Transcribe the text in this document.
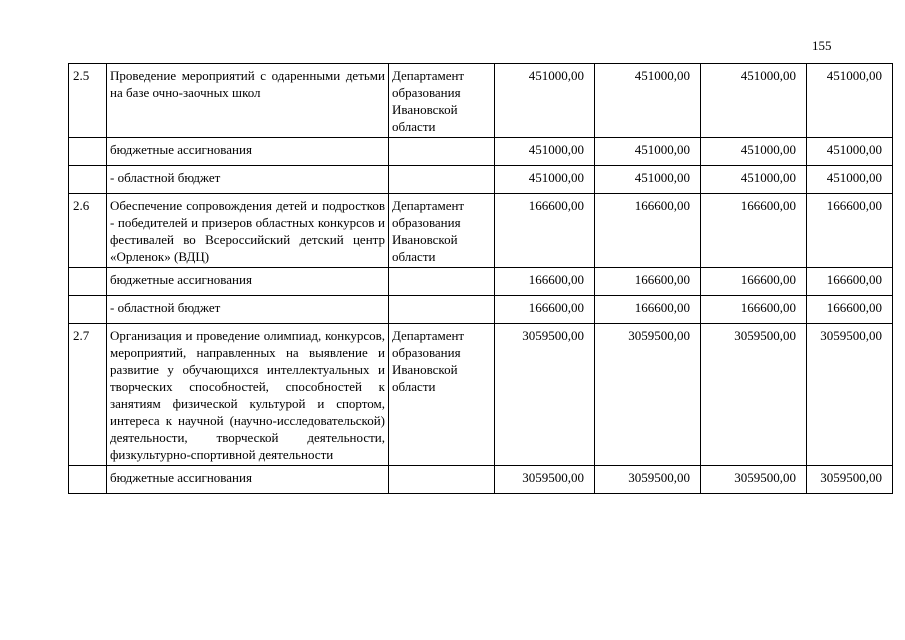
155
2.5	Проведение мероприятий с одаренными детьми на базе очно-заочных школ	Департамент образования Ивановской области	451000,00	451000,00	451000,00	451000,00
	бюджетные ассигнования		451000,00	451000,00	451000,00	451000,00
	- областной бюджет		451000,00	451000,00	451000,00	451000,00
2.6	Обеспечение сопровождения детей и подростков - победителей и призеров областных конкурсов и фестивалей во Всероссийский детский центр «Орленок» (ВДЦ)	Департамент образования Ивановской области	166600,00	166600,00	166600,00	166600,00
	бюджетные ассигнования		166600,00	166600,00	166600,00	166600,00
	- областной бюджет		166600,00	166600,00	166600,00	166600,00
2.7	Организация и проведение олимпиад, конкурсов, мероприятий, направленных на выявление и развитие у обучающихся интеллектуальных и творческих способностей, способностей к занятиям физической культурой и спортом, интереса к научной (научно-исследовательской) деятельности, творческой деятельности, физкультурно-спортивной деятельности	Департамент образования Ивановской области	3059500,00	3059500,00	3059500,00	3059500,00
	бюджетные ассигнования		3059500,00	3059500,00	3059500,00	3059500,00
